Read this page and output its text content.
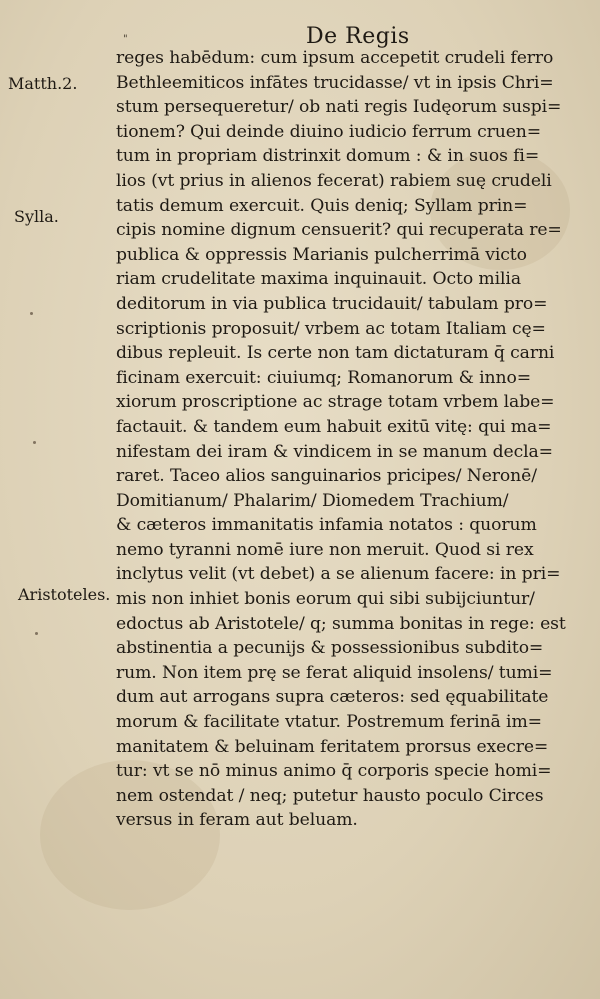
"	De Regis
Matth.2.
Sylla.
Aristoteles.
reges habēdum: cum ipsum accepetit crudeli ferro
Bethleemiticos infātes trucidasse/ vt in ipsis Chri=
stum persequeretur/ ob nati regis Iudęorum suspi=
tionem? Qui deinde diuino iudicio ferrum cruen=
tum in propriam distrinxit domum : & in suos fi=
lios (vt prius in alienos fecerat) rabiem suę crudeli
tatis demum exercuit. Quis deniq; Syllam prin=
cipis nomine dignum censuerit? qui recuperata re=
publica & oppressis Marianis pulcherrimā victo
riam crudelitate maxima inquinauit. Octo milia
deditorum in via publica trucidauit/ tabulam pro=
scriptionis proposuit/ vrbem ac totam Italiam cę=
dibus repleuit. Is certe non tam dictaturam q̄ carni
ficinam exercuit: ciuiumq; Romanorum & inno=
xiorum proscriptione ac strage totam vrbem labe=
factauit. & tandem eum habuit exitū vitę: qui ma=
nifestam dei iram & vindicem in se manum decla=
raret. Taceo alios sanguinarios pricipes/ Neronē/
Domitianum/ Phalarim/ Diomedem Trachium/
& cæteros immanitatis infamia notatos : quorum
nemo tyranni nomē iure non meruit. Quod si rex
inclytus velit (vt debet) a se alienum facere: in pri=
mis non inhiet bonis eorum qui sibi subijciuntur/
edoctus ab Aristotele/ q; summa bonitas in rege: est
abstinentia a pecunijs & possessionibus subdito=
rum. Non item prę se ferat aliquid insolens/ tumi=
dum aut arrogans supra cæteros: sed ęquabilitate
morum & facilitate vtatur. Postremum ferinā im=
manitatem & beluinam feritatem prorsus execre=
tur: vt se nō minus animo q̄ corporis specie homi=
nem ostendat / neq; putetur hausto poculo Circes
versus in feram aut beluam.
